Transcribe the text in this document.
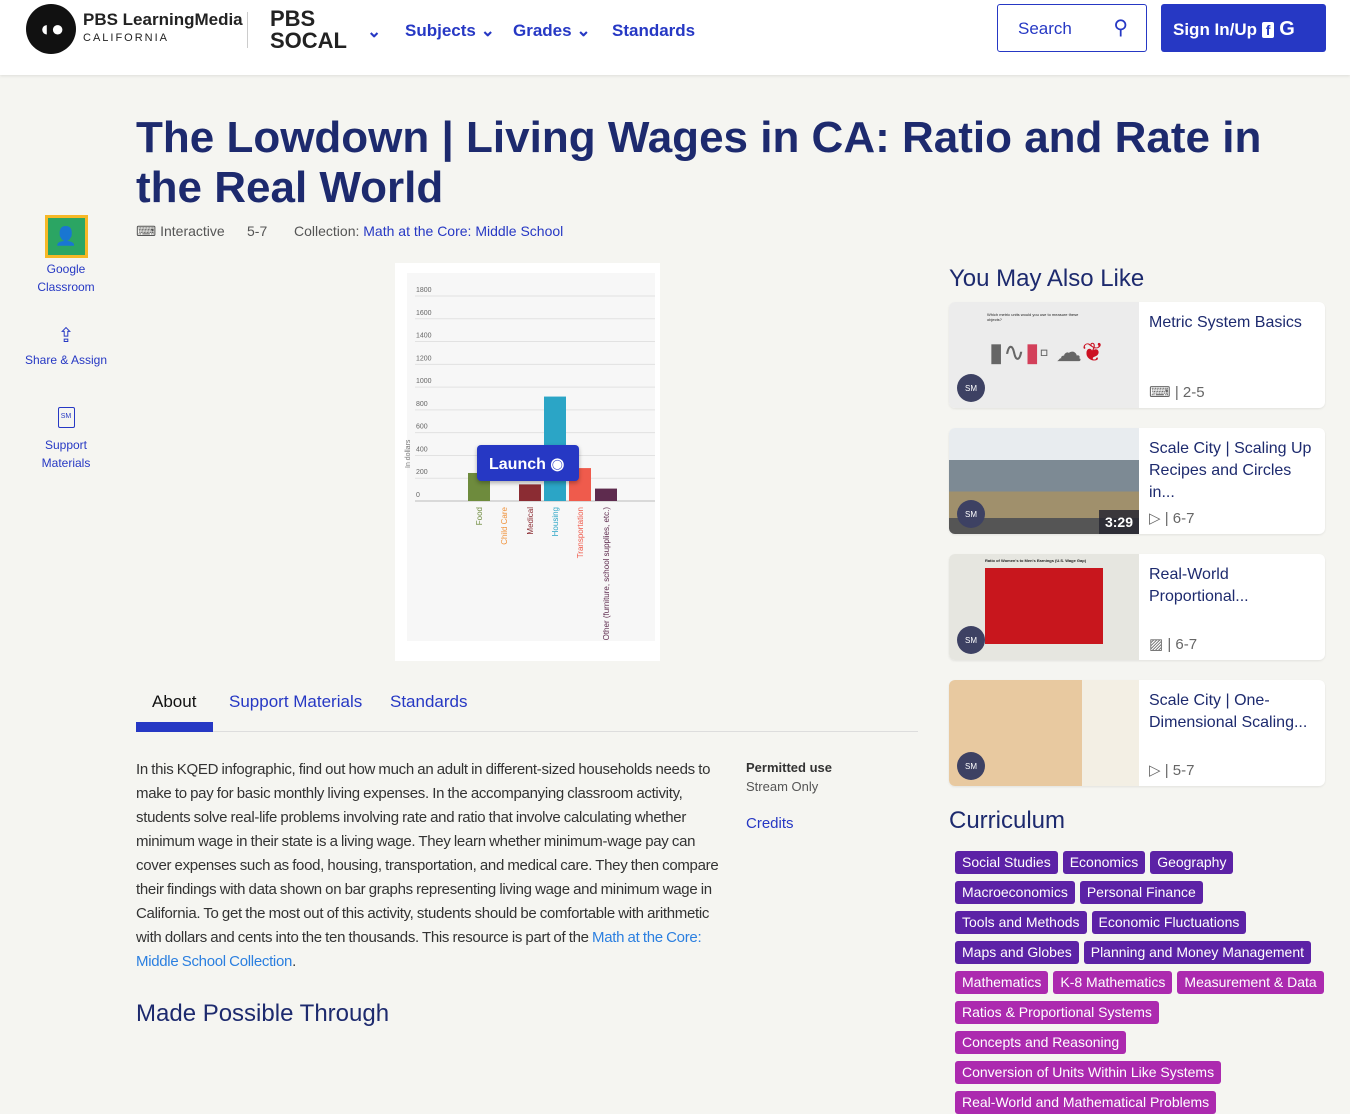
◖●	PBS LearningMedia
CALIFORNIA
PBS
SOCAL ⌄ Subjects ⌄ Grades ⌄ Standards	Search ⚲	Sign In/Up f G
The Lowdown | Living Wages in CA: Ratio and Rate in the Real World
👤
Google Classroom
⇪
Share & Assign
SM
Support Materials
⌨ Interactive 5-7 Collection: Math at the Core: Middle School
0
200
400
600
800
1000
1200
1400
1600
1800
In dollars
Food Child Care Medical Housing Transportation Other (furniture, school supplies, etc.)
Launch ◉
About Support Materials Standards
In this KQED infographic, find out how much an adult in different-sized households needs to make to pay for basic monthly living expenses. In the accompanying classroom activity, students solve real-life problems involving rate and ratio that involve calculating whether minimum wage in their state is a living wage. They learn whether minimum-wage pay can cover expenses such as food, housing, transportation, and medical care. They then compare their findings with data shown on bar graphs representing living wage and minimum wage in California. To get the most out of this activity, students should be comfortable with arithmetic with dollars and cents into the ten thousands. This resource is part of the Math at the Core: Middle School Collection.
Made Possible Through
Permitted use
Stream Only
Credits
You May Also Like
Which metric units would you use to measure these objects?
▮∿▮▫ ☁❦
SM
Metric System Basics
⌨ | 2-5
SM	3:29
Scale City | Scaling Up Recipes and Circles in...
▷ | 6-7
Ratio of Women's to Men's Earnings (U.S. Wage Gap)
SM
Real-World Proportional...
▨ | 6-7
SM
Scale City | One-Dimensional Scaling...
▷ | 5-7
Curriculum
Social Studies	Economics	Geography
Macroeconomics	Personal Finance
Tools and Methods	Economic Fluctuations
Maps and Globes	Planning and Money Management
Mathematics	K-8 Mathematics	Measurement & Data
Ratios & Proportional Systems
Concepts and Reasoning
Conversion of Units Within Like Systems
Real-World and Mathematical Problems
